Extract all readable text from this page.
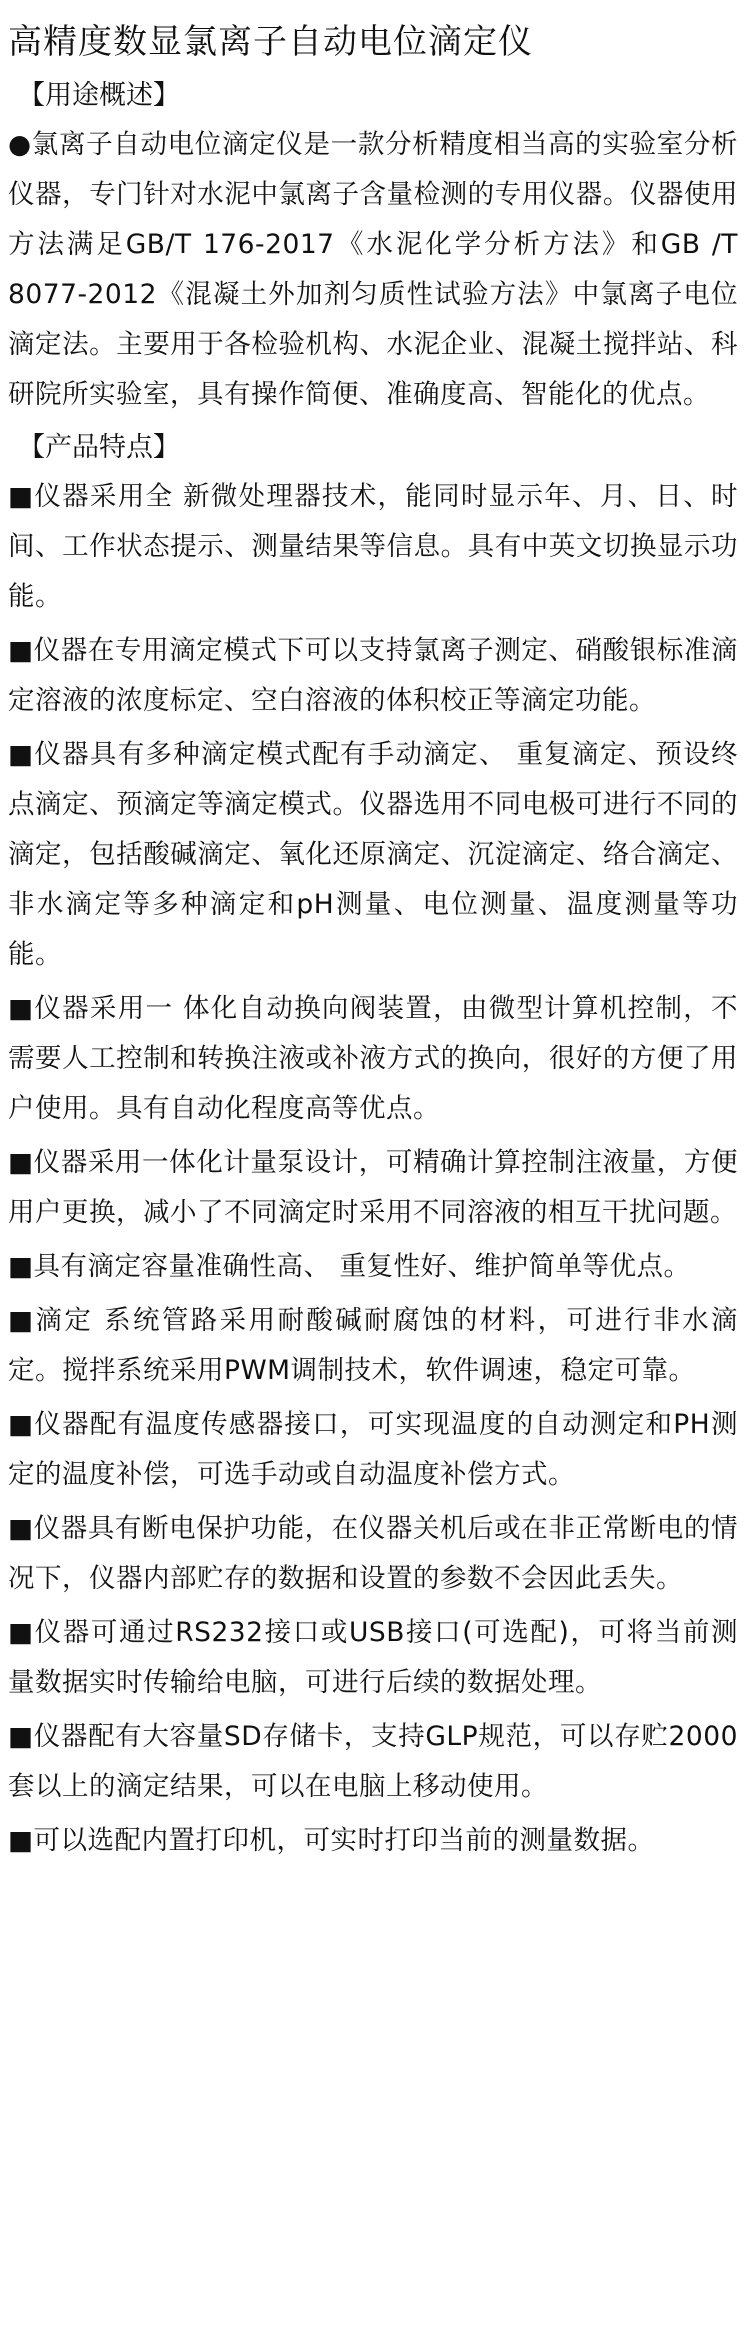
高精度数显氯离子自动电位滴定仪

【用途概述】

●氯离子自动电位滴定仪是一款分析精度相当高的实验室分析仪器，专门针对水泥中氯离子含量检测的专用仪器。仪器使用方法满足GB/T 176-2017《水泥化学分析方法》和GB /T 8077-2012《混凝土外加剂匀质性试验方法》中氯离子电位滴定法。主要用于各检验机构、水泥企业、混凝土搅拌站、科研院所实验室，具有操作简便、准确度高、智能化的优点。

【产品特点】

■仪器采用全 新微处理器技术，能同时显示年、月、日、时间、工作状态提示、测量结果等信息。具有中英文切换显示功能。

■仪器在专用滴定模式下可以支持氯离子测定、硝酸银标准滴定溶液的浓度标定、空白溶液的体积校正等滴定功能。

■仪器具有多种滴定模式配有手动滴定、 重复滴定、预设终点滴定、预滴定等滴定模式。仪器选用不同电极可进行不同的滴定，包括酸碱滴定、氧化还原滴定、沉淀滴定、络合滴定、非水滴定等多种滴定和pH测量、电位测量、温度测量等功能。

■仪器采用一 体化自动换向阀装置，由微型计算机控制，不需要人工控制和转换注液或补液方式的换向，很好的方便了用户使用。具有自动化程度高等优点。

■仪器采用一体化计量泵设计，可精确计算控制注液量，方便用户更换，减小了不同滴定时采用不同溶液的相互干扰问题。

■具有滴定容量准确性高、 重复性好、维护简单等优点。

■滴定 系统管路采用耐酸碱耐腐蚀的材料，可进行非水滴定。搅拌系统采用PWM调制技术，软件调速，稳定可靠。

■仪器配有温度传感器接口，可实现温度的自动测定和PH测定的温度补偿，可选手动或自动温度补偿方式。

■仪器具有断电保护功能，在仪器关机后或在非正常断电的情况下，仪器内部贮存的数据和设置的参数不会因此丢失。

■仪器可通过RS232接口或USB接口(可选配)，可将当前测量数据实时传输给电脑，可进行后续的数据处理。

■仪器配有大容量SD存储卡，支持GLP规范，可以存贮2000套以上的滴定结果，可以在电脑上移动使用。

■可以选配内置打印机，可实时打印当前的测量数据。
